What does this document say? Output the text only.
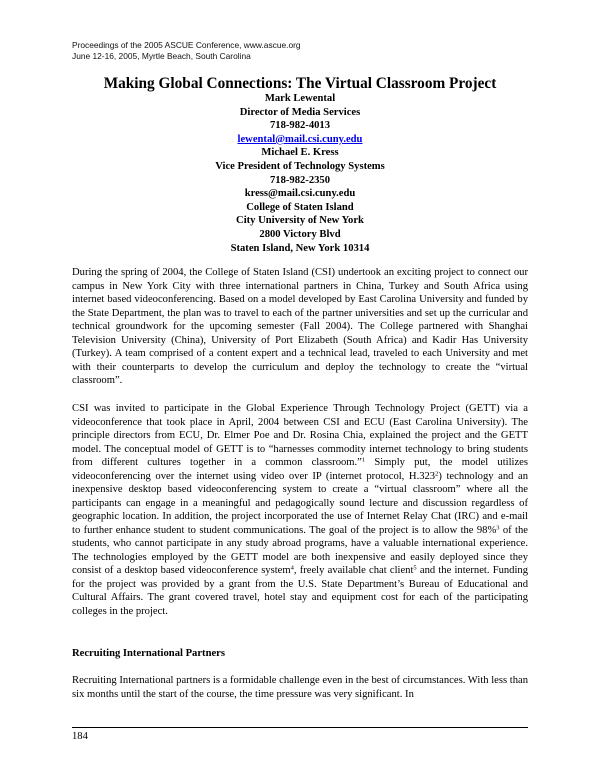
Proceedings of the 2005 ASCUE Conference, www.ascue.org
June 12-16, 2005, Myrtle Beach, South Carolina
Making Global Connections: The Virtual Classroom Project
Mark Lewental
Director of Media Services
718-982-4013
lewental@mail.csi.cuny.edu
Michael E. Kress
Vice President of Technology Systems
718-982-2350
kress@mail.csi.cuny.edu
College of Staten Island
City University of New York
2800 Victory Blvd
Staten Island, New York 10314

During the spring of 2004, the College of Staten Island (CSI) undertook an exciting project to connect our campus in New York City with three international partners in China, Turkey and South Africa using internet based videoconferencing. Based on a model developed by East Carolina University and funded by the State Department, the plan was to travel to each of the partner universities and set up the curricular and technical groundwork for the upcoming semester (Fall 2004). The College partnered with Shanghai Television University (China), University of Port Elizabeth (South Africa) and Kadir Has University (Turkey). A team comprised of a content expert and a technical lead, traveled to each University and met with their counterparts to develop the curriculum and deploy the technology to create the “virtual classroom”.

CSI was invited to participate in the Global Experience Through Technology Project (GETT) via a videoconference that took place in April, 2004 between CSI and ECU (East Carolina University). The principle directors from ECU, Dr. Elmer Poe and Dr. Rosina Chia, explained the project and the GETT model. The conceptual model of GETT is to “harnesses commodity internet technology to bring students from different cultures together in a common classroom.”$^1$ Simply put, the model utilizes videoconferencing over the internet using video over IP (internet protocol, H.323$^2$) technology and an inexpensive desktop based videoconferencing system to create a “virtual classroom” where all the participants can engage in a meaningful and pedagogically sound lecture and discussion regardless of geographic location. In addition, the project incorporated the use of Internet Relay Chat (IRC) and e-mail to further enhance student to student communications. The goal of the project is to allow the 98%$^3$ of the students, who cannot participate in any study abroad programs, have a valuable international experience. The technologies employed by the GETT model are both inexpensive and easily deployed since they consist of a desktop based videoconference system$^4$, freely available chat client$^5$ and the internet. Funding for the project was provided by a grant from the U.S. State Department’s Bureau of Educational and Cultural Affairs. The grant covered travel, hotel stay and equipment cost for each of the participating colleges in the project.

Recruiting International Partners

Recruiting International partners is a formidable challenge even in the best of circumstances. With less than six months until the start of the course, the time pressure was very significant. In

184
